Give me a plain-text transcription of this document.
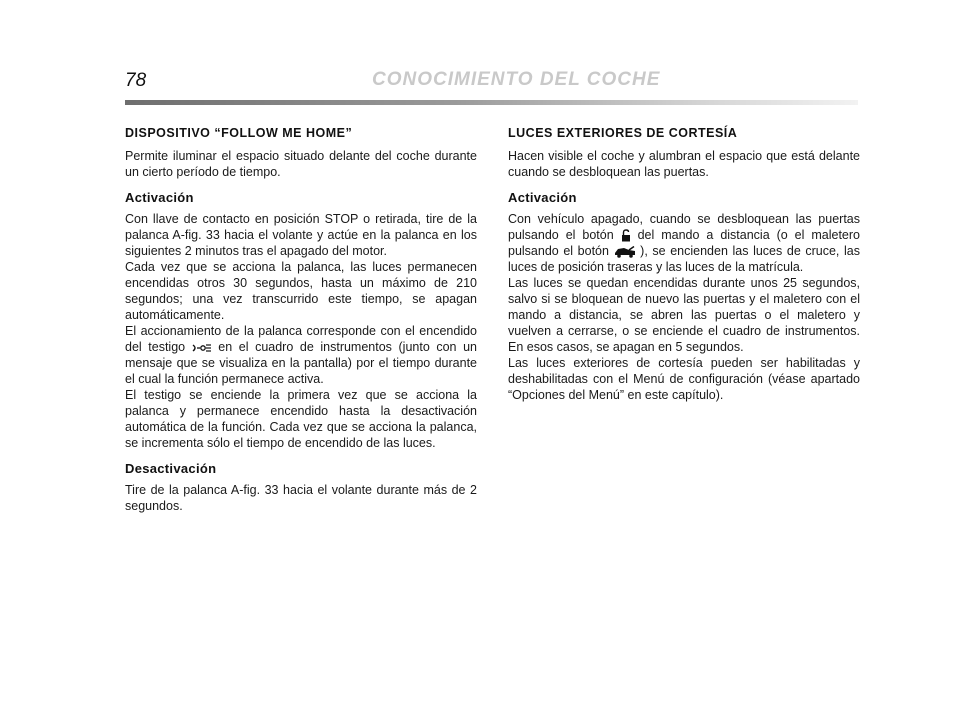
78	CONOCIMIENTO DEL COCHE
DISPOSITIVO “FOLLOW ME HOME”

Permite iluminar el espacio situado delante del coche durante un cierto período de tiempo.

Activación

Con llave de contacto en posición STOP o retirada, tire de la palanca A-fig. 33 hacia el volante y actúe en la palanca en los siguientes 2 minutos tras el apagado del motor.

Cada vez que se acciona la palanca, las luces permanecen encendidas otros 30 segundos, hasta un máximo de 210 segundos; una vez transcurrido este tiempo, se apagan automáticamente.

El accionamiento de la palanca corresponde con el encendido del testigo	en el cuadro de instrumentos (junto con un mensaje que se visualiza en la pantalla) por el tiempo durante el cual la función permanece activa.

El testigo se enciende la primera vez que se acciona la palanca y permanece encendido hasta la desactivación automática de la función. Cada vez que se acciona la palanca, se incrementa sólo el tiempo de encendido de las luces.

Desactivación

Tire de la palanca A-fig. 33 hacia el volante durante más de 2 segundos.

LUCES EXTERIORES DE CORTESÍA

Hacen visible el coche y alumbran el espacio que está delante cuando se desbloquean las puertas.

Activación

Con vehículo apagado, cuando se desbloquean las puertas pulsando el botón del mando a distancia (o el maletero pulsando el botón ), se encienden las luces de cruce, las luces de posición traseras y las luces de la matrícula.

Las luces se quedan encendidas durante unos 25 segundos, salvo si se bloquean de nuevo las puertas y el maletero con el mando a distancia, se abren las puertas o el maletero y vuelven a cerrarse, o se enciende el cuadro de instrumentos. En esos casos, se apagan en 5 segundos.

Las luces exteriores de cortesía pueden ser habilitadas y deshabilitadas con el Menú de configuración (véase apartado “Opciones del Menú” en este capítulo).
